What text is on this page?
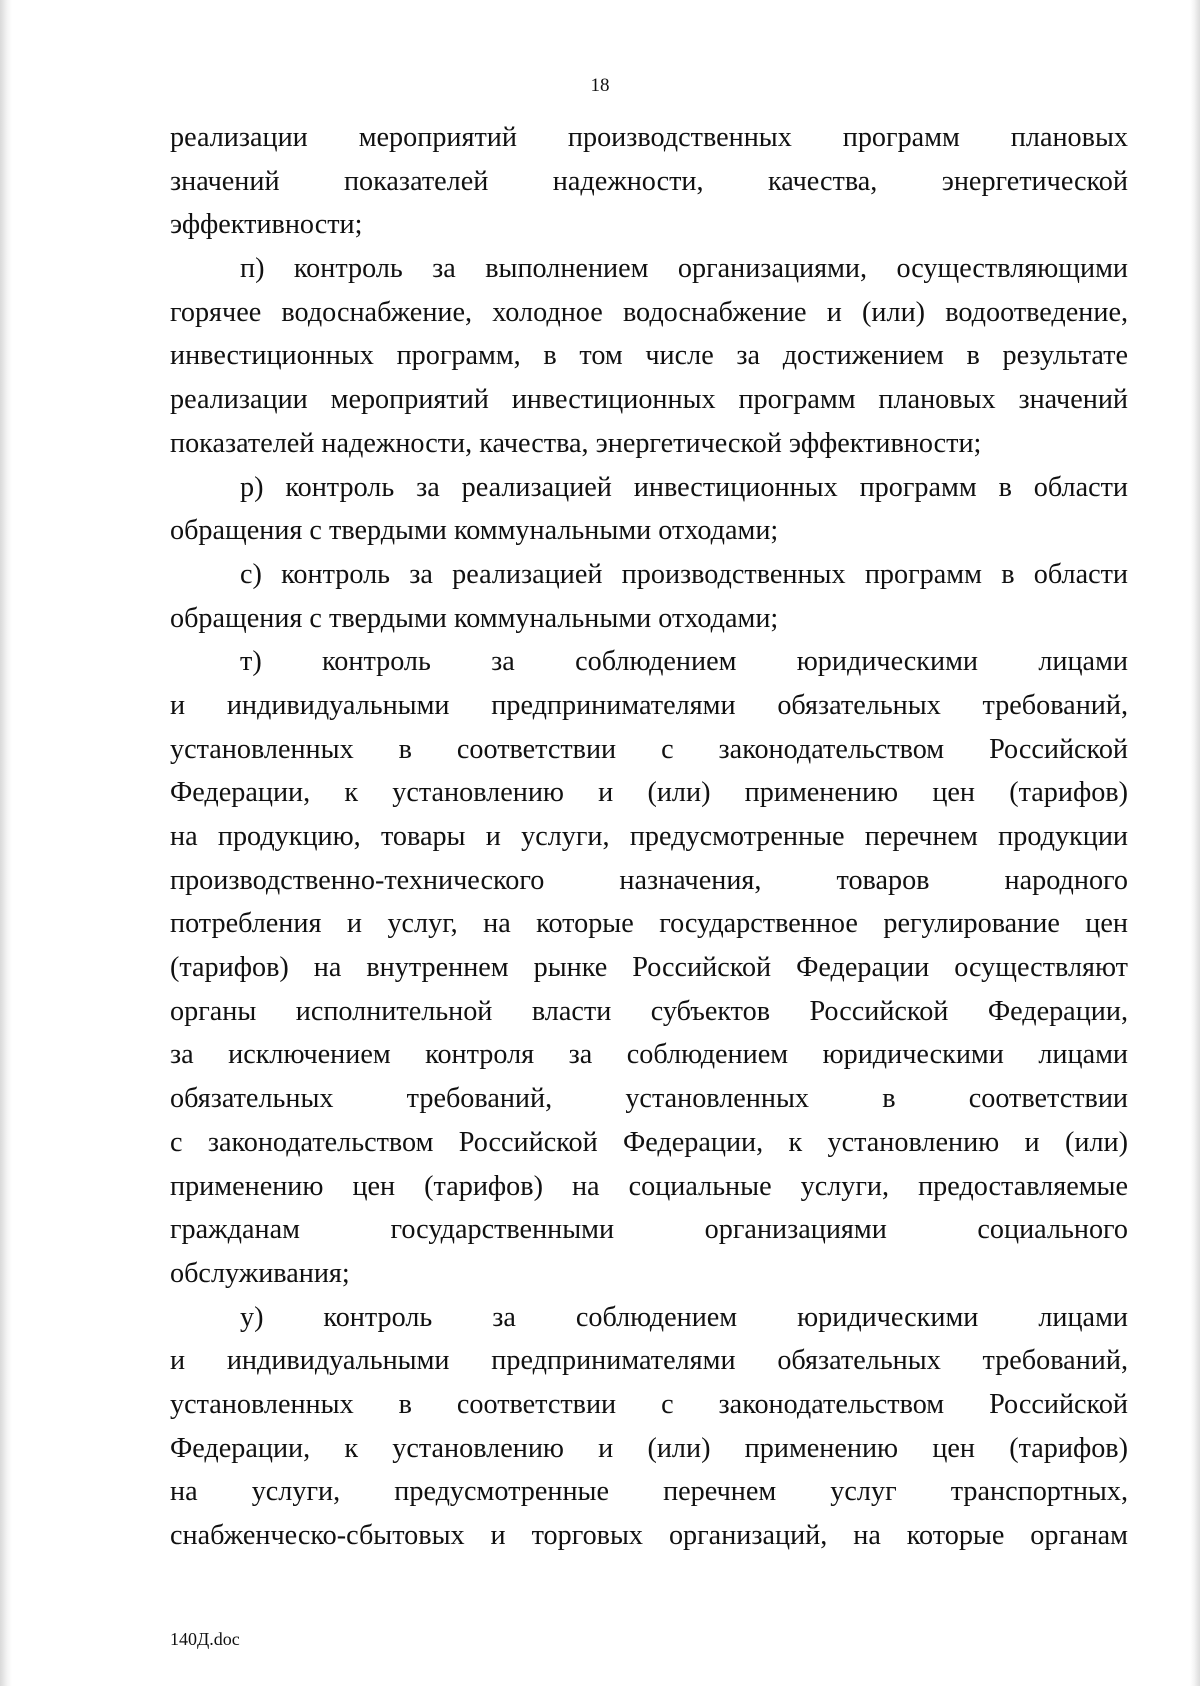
18
реализации мероприятий производственных программ плановых
значений показателей надежности, качества, энергетической
эффективности;
п) контроль за выполнением организациями, осуществляющими
горячее водоснабжение, холодное водоснабжение и (или) водоотведение,
инвестиционных программ, в том числе за достижением в результате
реализации мероприятий инвестиционных программ плановых значений
показателей надежности, качества, энергетической эффективности;
р) контроль за реализацией инвестиционных программ в области
обращения с твердыми коммунальными отходами;
с) контроль за реализацией производственных программ в области
обращения с твердыми коммунальными отходами;
т) контроль за соблюдением юридическими лицами
и индивидуальными предпринимателями обязательных требований,
установленных в соответствии с законодательством Российской
Федерации, к установлению и (или) применению цен (тарифов)
на продукцию, товары и услуги, предусмотренные перечнем продукции
производственно-технического назначения, товаров народного
потребления и услуг, на которые государственное регулирование цен
(тарифов) на внутреннем рынке Российской Федерации осуществляют
органы исполнительной власти субъектов Российской Федерации,
за исключением контроля за соблюдением юридическими лицами
обязательных требований, установленных в соответствии
с законодательством Российской Федерации, к установлению и (или)
применению цен (тарифов) на социальные услуги, предоставляемые
гражданам государственными организациями социального
обслуживания;
у) контроль за соблюдением юридическими лицами
и индивидуальными предпринимателями обязательных требований,
установленных в соответствии с законодательством Российской
Федерации, к установлению и (или) применению цен (тарифов)
на услуги, предусмотренные перечнем услуг транспортных,
снабженческо-сбытовых и торговых организаций, на которые органам
140Д.doc
